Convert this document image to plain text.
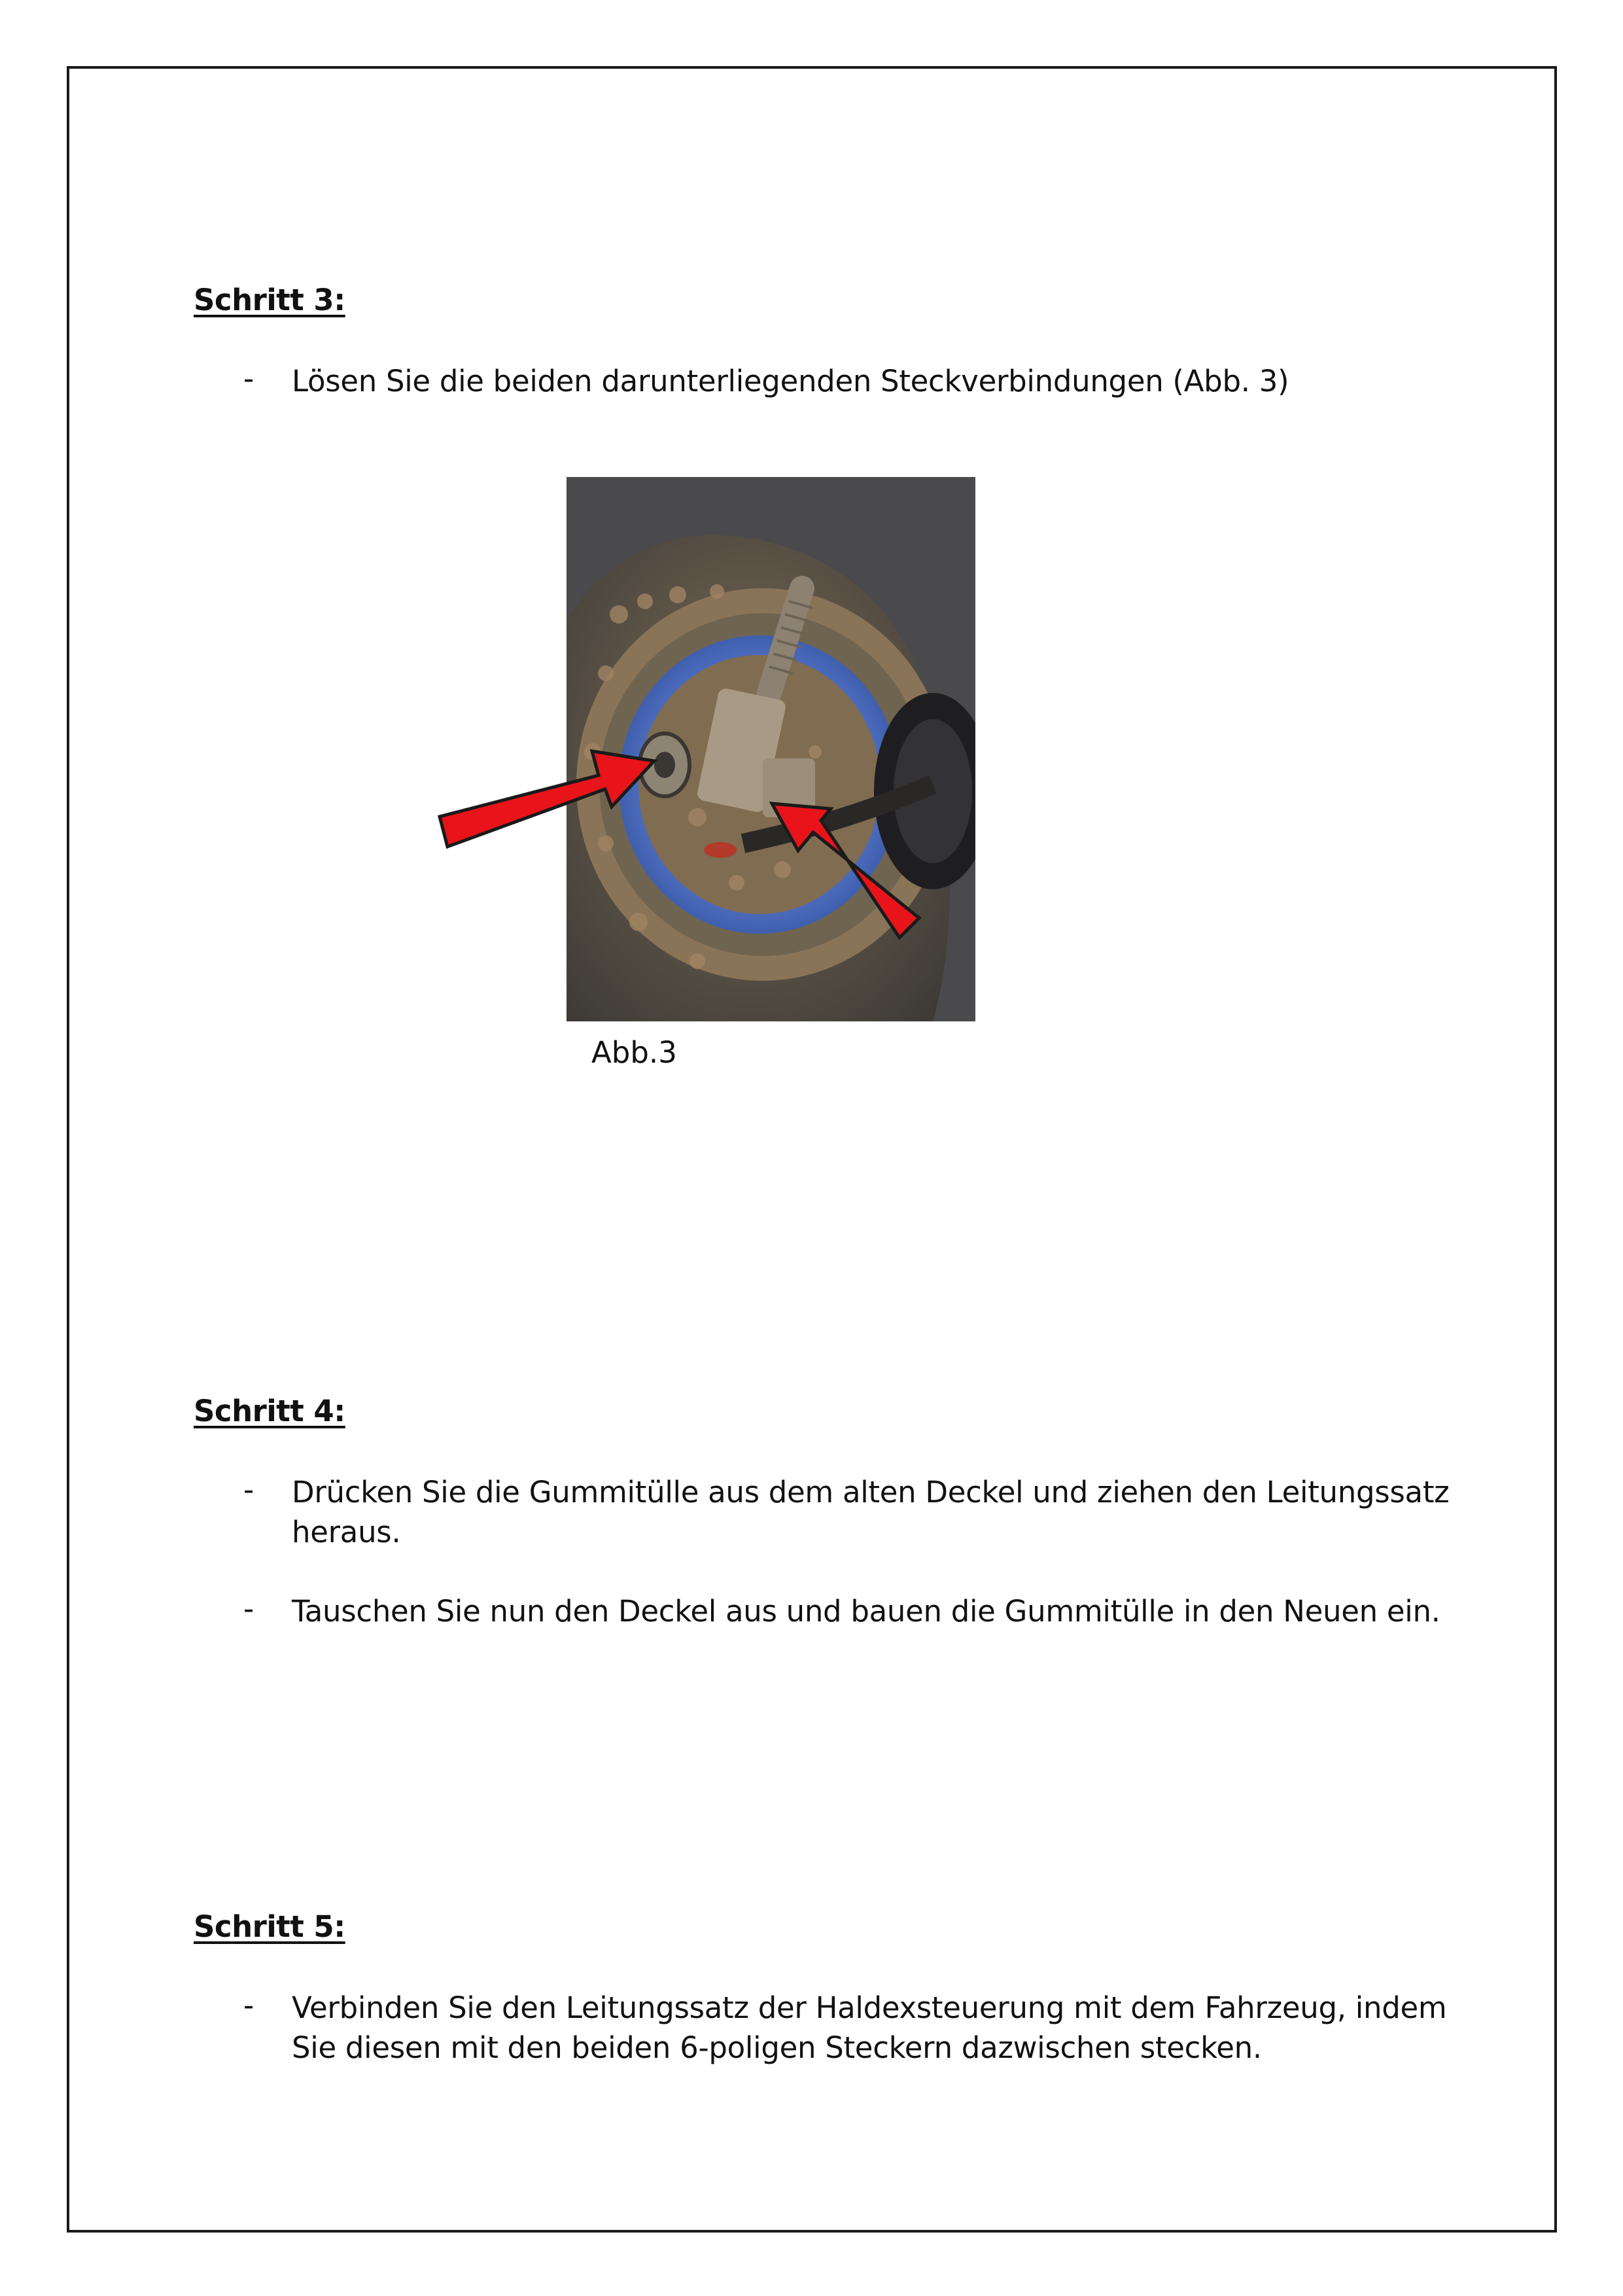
Schritt 3:
- Lösen Sie die beiden darunterliegenden Steckverbindungen (Abb. 3)
Abb.3
Schritt 4:
- Drücken Sie die Gummitülle aus dem alten Deckel und ziehen den Leitungssatz heraus.
- Tauschen Sie nun den Deckel aus und bauen die Gummitülle in den Neuen ein.
Schritt 5:
- Verbinden Sie den Leitungssatz der Haldexsteuerung mit dem Fahrzeug, indem Sie diesen mit den beiden 6-poligen Steckern dazwischen stecken.
